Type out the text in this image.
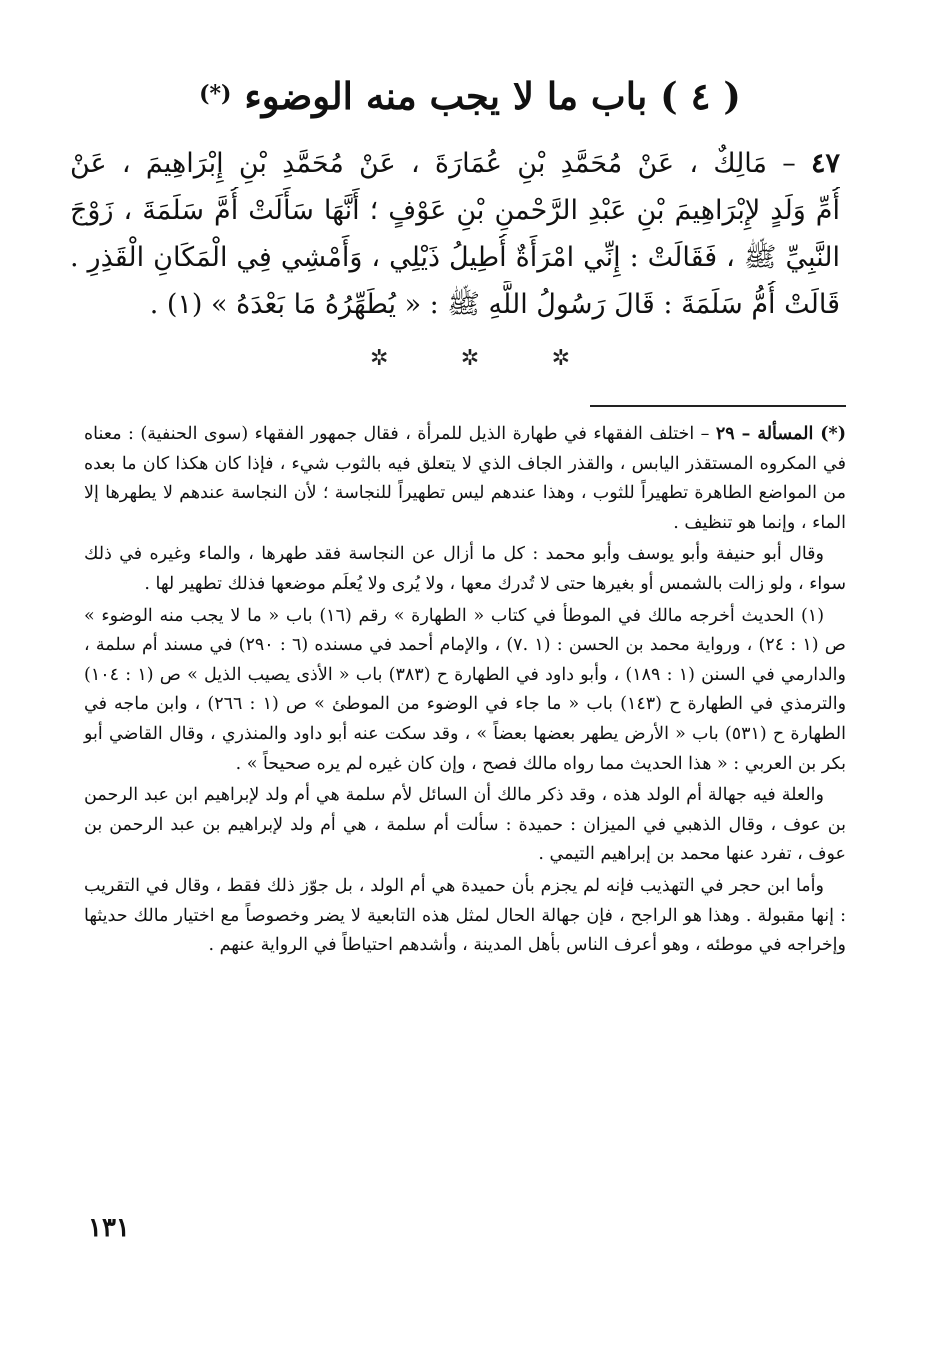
( ٤ ) باب ما لا يجب منه الوضوء (*)
٤٧ – مَالِكٌ ، عَنْ مُحَمَّدِ بْنِ عُمَارَةَ ، عَنْ مُحَمَّدِ بْنِ إِبْرَاهِيمَ ، عَنْ
أُمِّ وَلَدٍ لإِبْرَاهِيمَ بْنِ عَبْدِ الرَّحْمنِ بْنِ عَوْفٍ ؛ أَنَّهَا سَأَلَتْ أُمَّ سَلَمَةَ ، زَوْجَ
النَّبِيِّ ﷺ ، فَقَالَتْ : إِنِّي امْرَأَةٌ أُطِيلُ ذَيْلِي ، وَأَمْشِي فِي الْمَكَانِ الْقَذِرِ .
قَالَتْ أُمُّ سَلَمَةَ : قَالَ رَسُولُ اللَّهِ ﷺ : « يُطَهِّرُهُ مَا بَعْدَهُ » (١) .
✲
✲
✲

(*) المسألة – ٢٩ – اختلف الفقهاء في طهارة الذيل للمرأة ، فقال جمهور الفقهاء (سوى الحنفية) : معناه في المكروه المستقذر اليابس ، والقذر الجاف الذي لا يتعلق فيه بالثوب شيء ، فإذا كان هكذا كان ما بعده من المواضع الطاهرة تطهيراً للثوب ، وهذا عندهم ليس تطهيراً للنجاسة ؛ لأن النجاسة عندهم لا يطهرها إلا الماء ، وإنما هو تنظيف .

وقال أبو حنيفة وأبو يوسف وأبو محمد : كل ما أزال عن النجاسة فقد طهرها ، والماء وغيره في ذلك سواء ، ولو زالت بالشمس أو بغيرها حتى لا تُدرك معها ، ولا يُرى ولا يُعلَم موضعها فذلك تطهير لها .

(١) الحديث أخرجه مالك في الموطأ في كتاب « الطهارة » رقم (١٦) باب « ما لا يجب منه الوضوء » ص (١ : ٢٤) ، ورواية محمد بن الحسن : (١ .٧) ، والإمام أحمد في مسنده (٦ : ٢٩٠) في مسند أم سلمة ، والدارمي في السنن (١ : ١٨٩) ، وأبو داود في الطهارة ح (٣٨٣) باب « الأذى يصيب الذيل » ص (١ : ١٠٤) والترمذي في الطهارة ح (١٤٣) باب « ما جاء في الوضوء من الموطئ » ص (١ : ٢٦٦) ، وابن ماجه في الطهارة ح (٥٣١) باب « الأرض يطهر بعضها بعضاً » ، وقد سكت عنه أبو داود والمنذري ، وقال القاضي أبو بكر بن العربي : « هذا الحديث مما رواه مالك فصح ، وإن كان غيره لم يره صحيحاً » .

والعلة فيه جهالة أم الولد هذه ، وقد ذكر مالك أن السائل لأم سلمة هي أم ولد لإبراهيم ابن عبد الرحمن بن عوف ، وقال الذهبي في الميزان : حميدة : سألت أم سلمة ، هي أم ولد لإبراهيم بن عبد الرحمن بن عوف ، تفرد عنها محمد بن إبراهيم التيمي .

وأما ابن حجر في التهذيب فإنه لم يجزم بأن حميدة هي أم الولد ، بل جوّز ذلك فقط ، وقال في التقريب : إنها مقبولة . وهذا هو الراجح ، فإن جهالة الحال لمثل هذه التابعية لا يضر وخصوصاً مع اختيار مالك حديثها وإخراجه في موطئه ، وهو أعرف الناس بأهل المدينة ، وأشدهم احتياطاً في الرواية عنهم .

١٣١
